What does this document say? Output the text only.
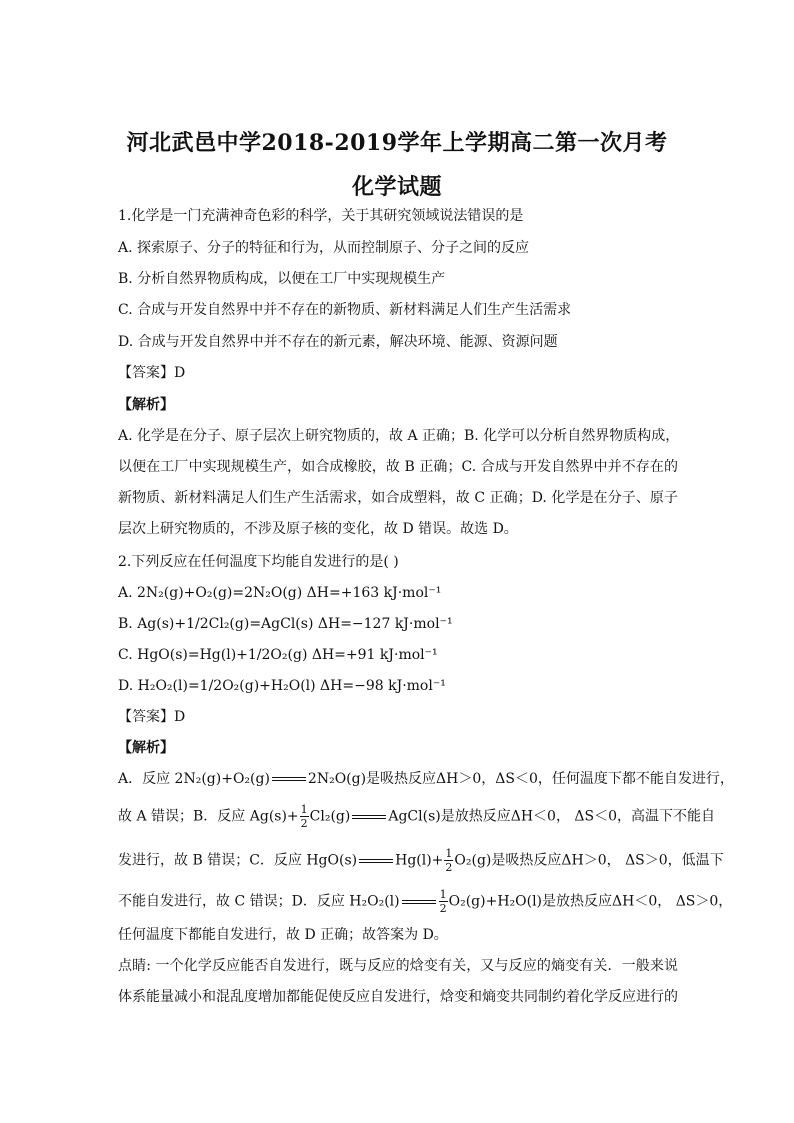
河北武邑中学2018-2019学年上学期高二第一次月考
化学试题
1.化学是一门充满神奇色彩的科学，关于其研究领域说法错误的是
A. 探索原子、分子的特征和行为，从而控制原子、分子之间的反应
B. 分析自然界物质构成，以便在工厂中实现规模生产
C. 合成与开发自然界中并不存在的新物质、新材料满足人们生产生活需求
D. 合成与开发自然界中并不存在的新元素，解决环境、能源、资源问题
【答案】D
【解析】
A. 化学是在分子、原子层次上研究物质的，故 A 正确；B. 化学可以分析自然界物质构成，
以便在工厂中实现规模生产，如合成橡胶，故 B 正确；C. 合成与开发自然界中并不存在的
新物质、新材料满足人们生产生活需求，如合成塑料，故 C 正确；D. 化学是在分子、原子
层次上研究物质的，不涉及原子核的变化，故 D 错误。故选 D。
2.下列反应在任何温度下均能自发进行的是( )
A. 2N₂(g)+O₂(g)=2N₂O(g) ΔH=+163 kJ·mol⁻¹
B. Ag(s)+1/2Cl₂(g)=AgCl(s) ΔH=−127 kJ·mol⁻¹
C. HgO(s)=Hg(l)+1/2O₂(g) ΔH=+91 kJ·mol⁻¹
D. H₂O₂(l)=1/2O₂(g)+H₂O(l) ΔH=−98 kJ·mol⁻¹
【答案】D
【解析】
A．反应 2N₂(g)+O₂(g)	2N₂O(g)是吸热反应ΔH＞0，ΔS＜0，任何温度下都不能自发进行，
故 A 错误；B．反应 $Ag(s)+ \frac{1}{2} Cl_2(g)$	AgCl(s)是放热反应ΔH＜0， ΔS＜0，高温下不能自
发进行，故 B 错误；C．反应 HgO(s)	$Hg(l)+ \frac{1}{2} O_2(g)$是吸热反应ΔH＞0， ΔS＞0，低温下
不能自发进行，故 C 错误；D．反应 H₂O₂(l)	$\frac{1}{2} O_2(g)+H_2O(l)$是放热反应ΔH＜0， ΔS＞0，
任何温度下都能自发进行，故 D 正确；故答案为 D。
点睛: 一个化学反应能否自发进行，既与反应的焓变有关，又与反应的熵变有关．一般来说
体系能量减小和混乱度增加都能促使反应自发进行，焓变和熵变共同制约着化学反应进行的
